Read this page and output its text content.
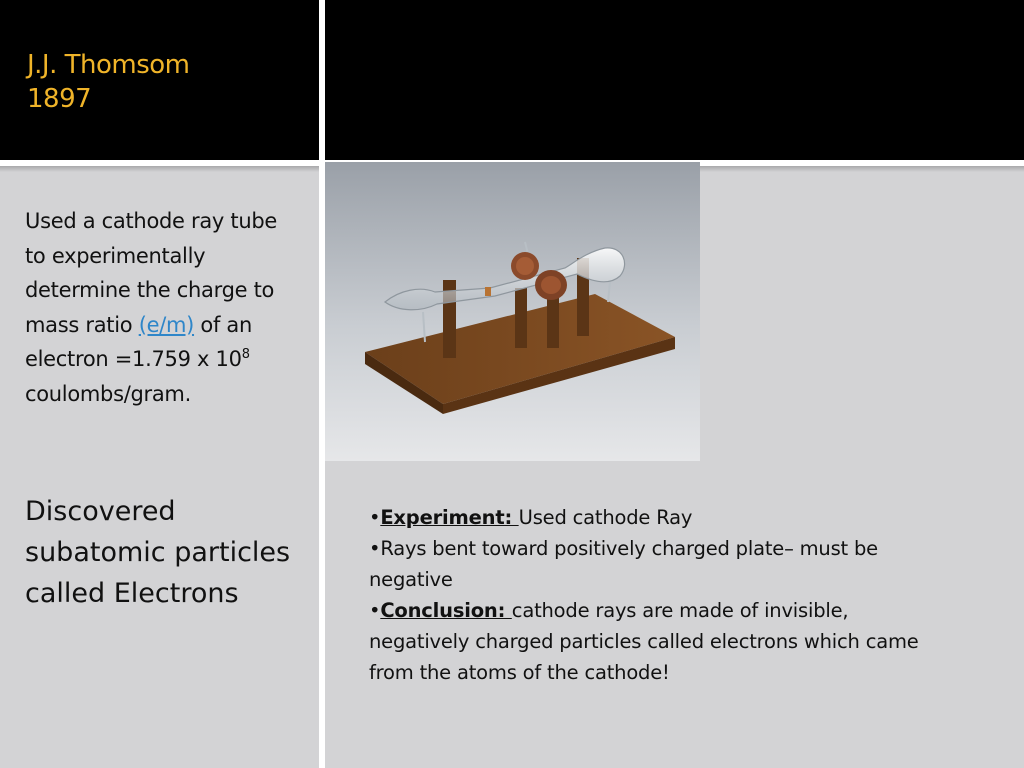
J.J. Thomsom
1897

Used a cathode ray tube to experimentally determine the charge to mass ratio (e/m) of an electron =1.759 x $10^8$ coulombs/gram.

Discovered subatomic particles called Electrons

•Experiment: Used cathode Ray
•Rays bent toward positively charged plate– must be negative
•Conclusion: cathode rays are made of invisible, negatively charged particles called electrons which came from the atoms of the cathode!
